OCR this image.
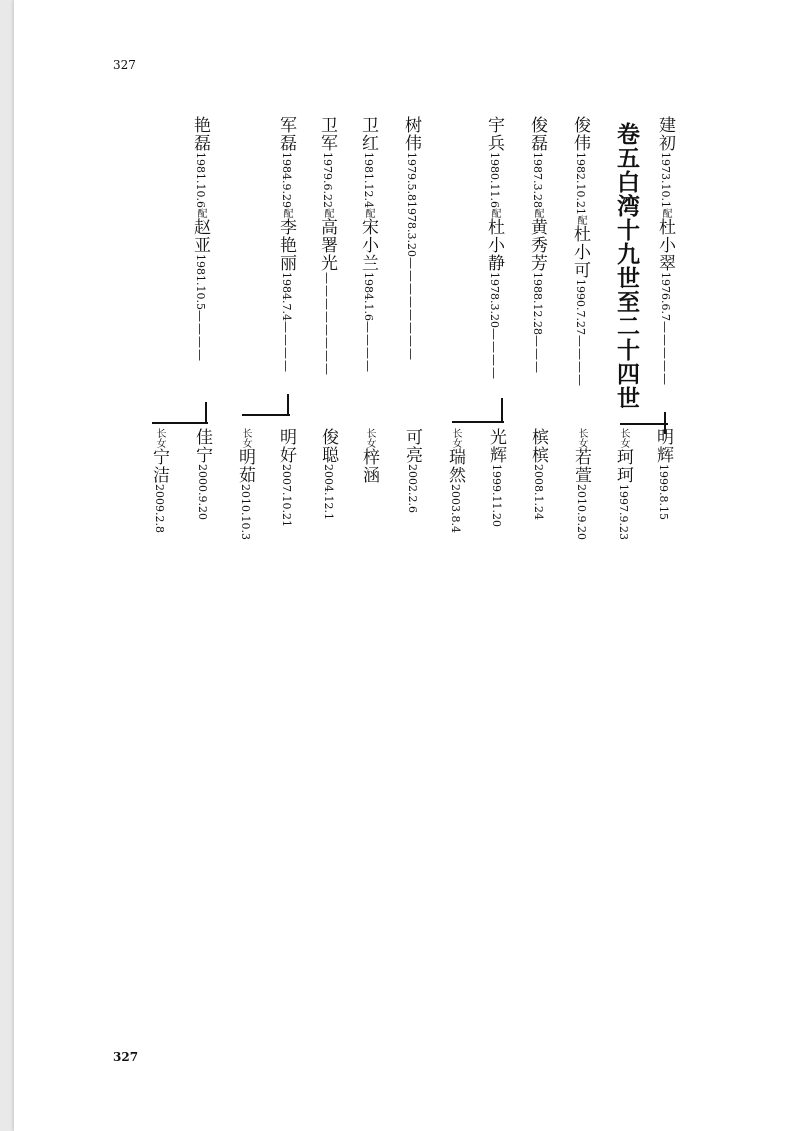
327
卷五白湾十九世至二十四世 建初1973.10.1配杜小翠1976.6.7—————
俊伟1982.10.21配杜小可1990.7.27————
俊磊1987.3.28配黄秀芳1988.12.28———
宇兵1980.11.6配杜小静1978.3.20————
树伟1979.5.81978.3.20————————
卫红1981.12.4配宋小兰1984.1.6————
卫军1979.6.22配高署光————————
军磊1984.9.29配李艳丽1984.7.4————
艳磊1981.10.6配赵亚1981.10.5————
明辉1999.8.15
长女珂珂1997.9.23
长女若萱2010.9.20
槟槟2008.1.24
光辉1999.11.20
长女瑞然2003.8.4
可亮2002.2.6
长女梓涵
俊聪2004.12.1
明好2007.10.21
长女明茹2010.10.3
佳宁2000.9.20
长女宁洁2009.2.8
327
